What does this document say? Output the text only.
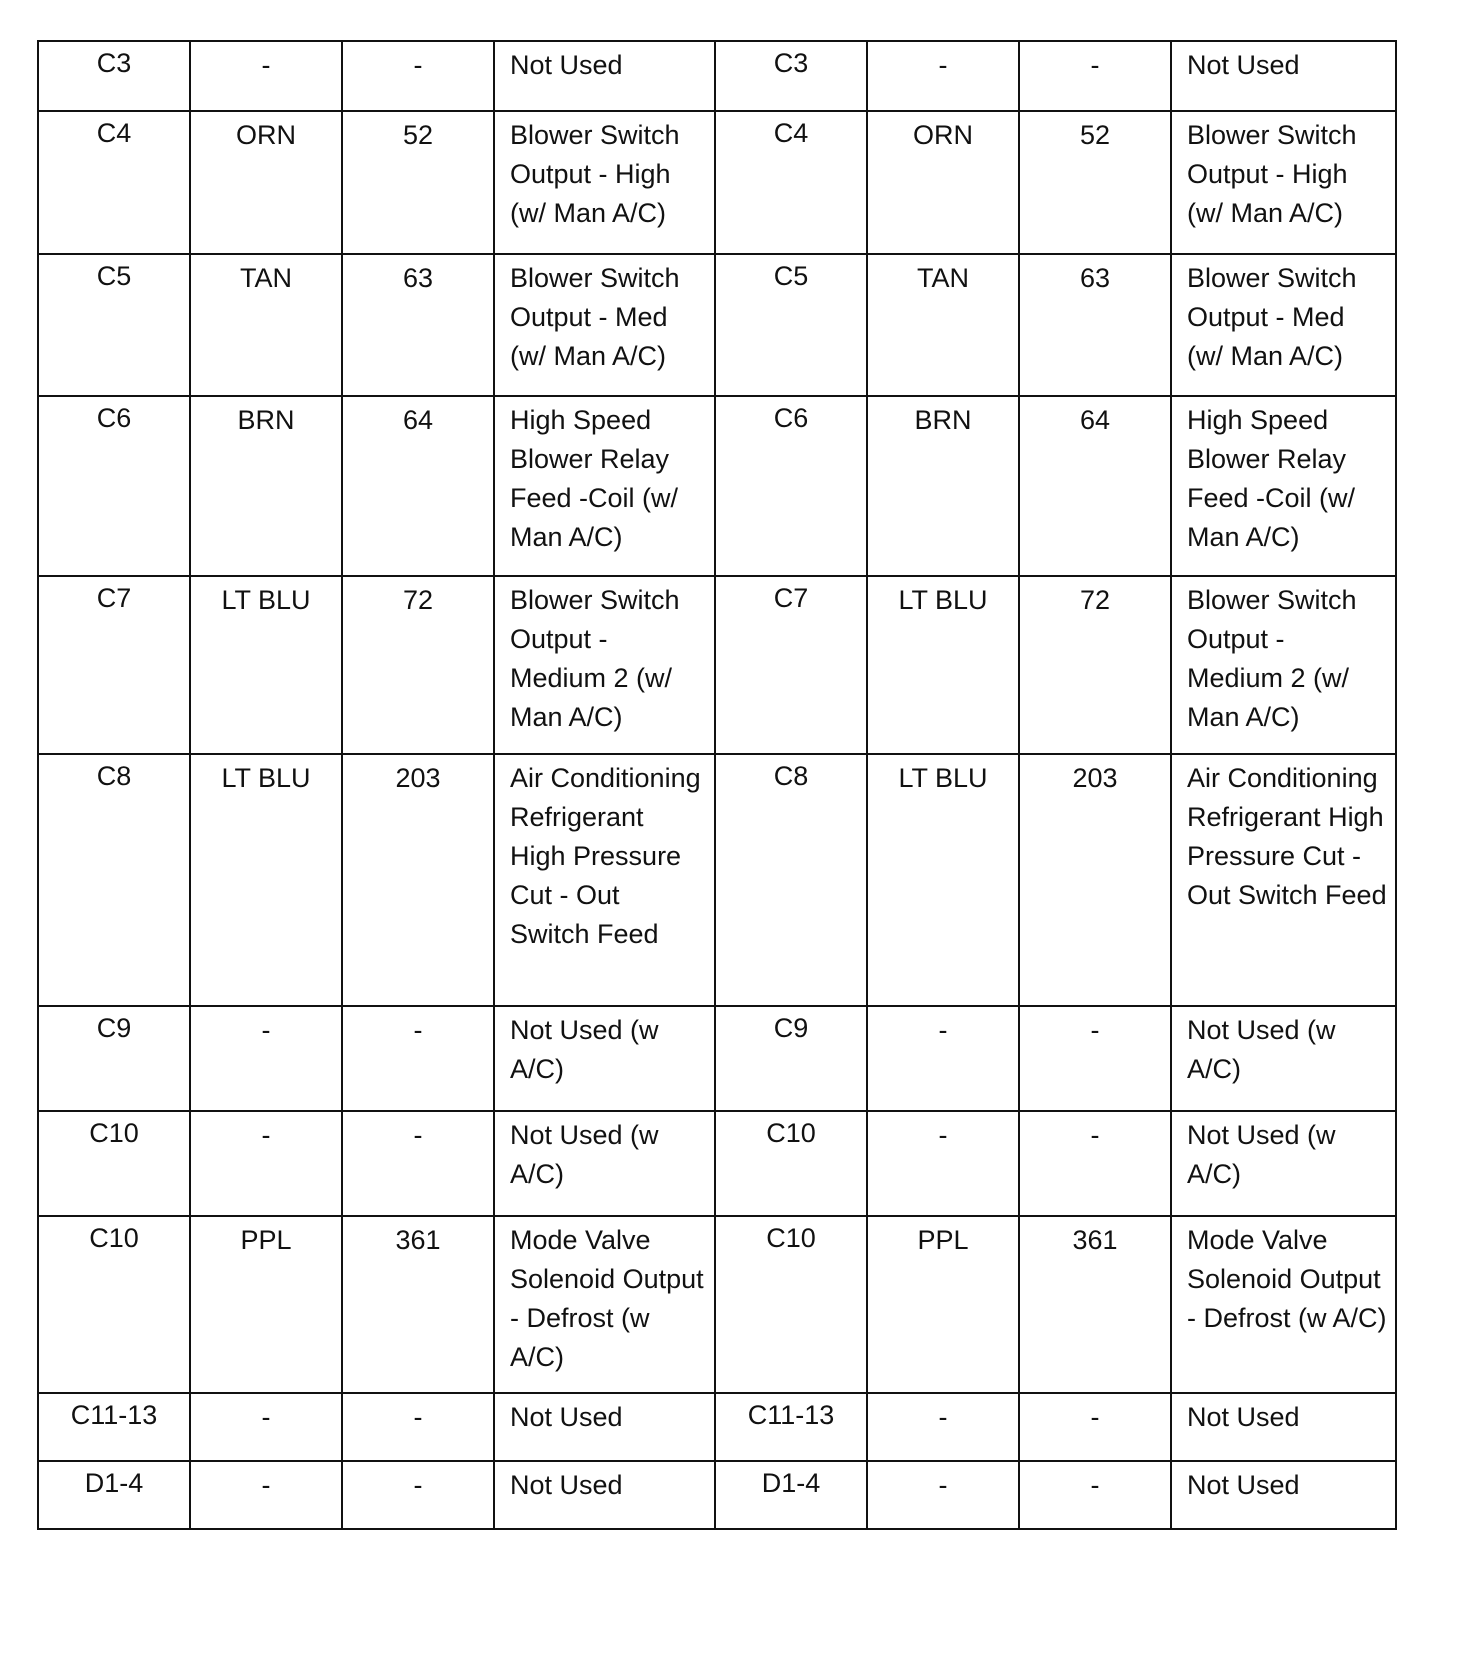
C3	-	-	Not Used	C3	-	-	Not Used
C4	ORN	52	Blower Switch Output - High (w/ Man A/C)	C4	ORN	52	Blower Switch Output - High (w/ Man A/C)
C5	TAN	63	Blower Switch Output - Med (w/ Man A/C)	C5	TAN	63	Blower Switch Output - Med (w/ Man A/C)
C6	BRN	64	High Speed Blower Relay Feed -Coil (w/ Man A/C)	C6	BRN	64	High Speed Blower Relay Feed -Coil (w/ Man A/C)
C7	LT BLU	72	Blower Switch Output - Medium 2 (w/ Man A/C)	C7	LT BLU	72	Blower Switch Output - Medium 2 (w/ Man A/C)
C8	LT BLU	203	Air Conditioning Refrigerant High Pressure Cut - Out Switch Feed	C8	LT BLU	203	Air Conditioning Refrigerant High Pressure Cut - Out Switch Feed
C9	-	-	Not Used (w A/C)	C9	-	-	Not Used (w A/C)
C10	-	-	Not Used (w A/C)	C10	-	-	Not Used (w A/C)
C10	PPL	361	Mode Valve Solenoid Output - Defrost (w A/C)	C10	PPL	361	Mode Valve Solenoid Output - Defrost (w A/C)
C11-13	-	-	Not Used	C11-13	-	-	Not Used
D1-4	-	-	Not Used	D1-4	-	-	Not Used
